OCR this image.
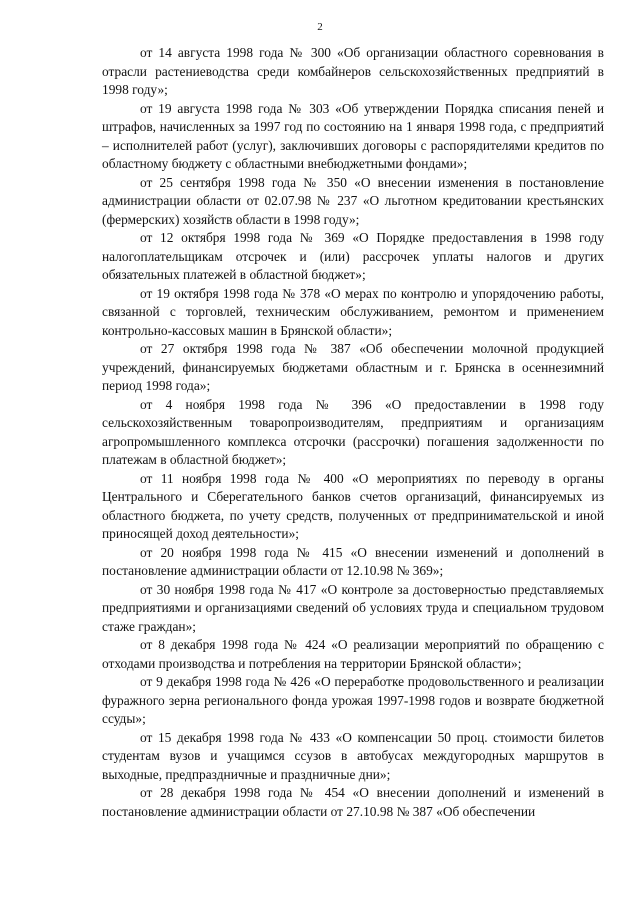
2

от 14 августа 1998 года № 300 «Об организации областного соревнования в отрасли растениеводства среди комбайнеров сельскохозяйственных предприятий в 1998 году»;

от 19 августа 1998 года № 303 «Об утверждении Порядка списания пеней и штрафов, начисленных за 1997 год по состоянию на 1 января 1998 года, с предприятий – исполнителей работ (услуг), заключивших договоры с распорядителями кредитов по областному бюджету с областными внебюджетными фондами»;

от 25 сентября 1998 года № 350 «О внесении изменения в постановление администрации области от 02.07.98 № 237 «О льготном кредитовании крестьянских (фермерских) хозяйств области в 1998 году»;

от 12 октября 1998 года № 369 «О Порядке предоставления в 1998 году налогоплательщикам отсрочек и (или) рассрочек уплаты налогов и других обязательных платежей в областной бюджет»;

от 19 октября 1998 года № 378 «О мерах по контролю и упорядочению работы, связанной с торговлей, техническим обслуживанием, ремонтом и применением контрольно-кассовых машин в Брянской области»;

от 27 октября 1998 года № 387 «Об обеспечении молочной продукцией учреждений, финансируемых бюджетами областным и г. Брянска в осеннезимний период 1998 года»;

от 4 ноября 1998 года № 396 «О предоставлении в 1998 году сельскохозяйственным товаропроизводителям, предприятиям и организациям агропромышленного комплекса отсрочки (рассрочки) погашения задолженности по платежам в областной бюджет»;

от 11 ноября 1998 года № 400 «О мероприятиях по переводу в органы Центрального и Сберегательного банков счетов организаций, финансируемых из областного бюджета, по учету средств, полученных от предпринимательской и иной приносящей доход деятельности»;

от 20 ноября 1998 года № 415 «О внесении изменений и дополнений в постановление администрации области от 12.10.98 № 369»;

от 30 ноября 1998 года № 417 «О контроле за достоверностью представляемых предприятиями и организациями сведений об условиях труда и специальном трудовом стаже граждан»;

от 8 декабря 1998 года № 424 «О реализации мероприятий по обращению с отходами производства и потребления на территории Брянской области»;

от 9 декабря 1998 года № 426 «О переработке продовольственного и реализации фуражного зерна регионального фонда урожая 1997-1998 годов и возврате бюджетной ссуды»;

от 15 декабря 1998 года № 433 «О компенсации 50 проц. стоимости билетов студентам вузов и учащимся ссузов в автобусах междугородных маршрутов в выходные, предпраздничные и праздничные дни»;

от 28 декабря 1998 года № 454 «О внесении дополнений и изменений в постановление администрации области от 27.10.98 № 387 «Об обеспечении
